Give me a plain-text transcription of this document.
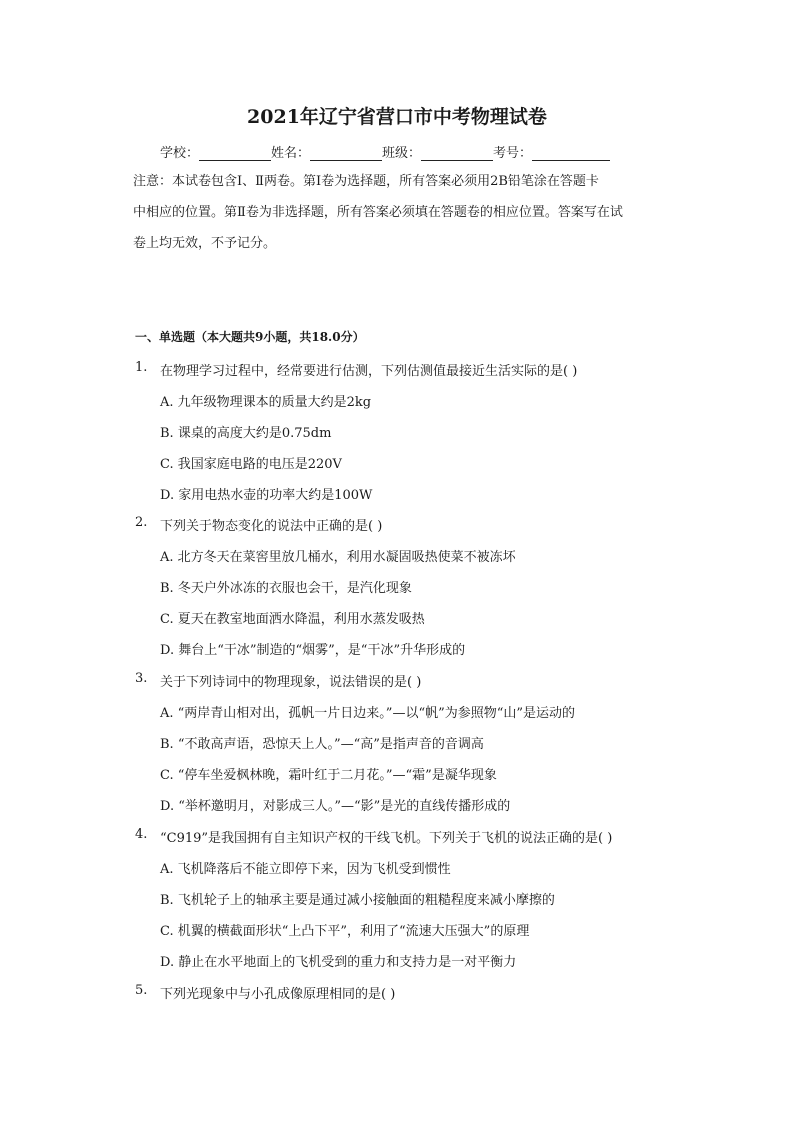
2021年辽宁省营口市中考物理试卷
学校：	姓名：	班级：	考号：
注意：本试卷包含Ⅰ、Ⅱ两卷。第Ⅰ卷为选择题，所有答案必须用2B铅笔涂在答题卡
中相应的位置。第Ⅱ卷为非选择题，所有答案必须填在答题卷的相应位置。答案写在试
卷上均无效，不予记分。
一、单选题（本大题共9小题，共18.0分）
1. 在物理学习过程中，经常要进行估测，下列估测值最接近生活实际的是( )
A. 九年级物理课本的质量大约是2kg
B. 课桌的高度大约是0.75dm
C. 我国家庭电路的电压是220V
D. 家用电热水壶的功率大约是100W
2. 下列关于物态变化的说法中正确的是( )
A. 北方冬天在菜窖里放几桶水，利用水凝固吸热使菜不被冻坏
B. 冬天户外冰冻的衣服也会干，是汽化现象
C. 夏天在教室地面洒水降温，利用水蒸发吸热
D. 舞台上“干冰”制造的“烟雾”，是“干冰”升华形成的
3. 关于下列诗词中的物理现象，说法错误的是( )
A. “两岸青山相对出，孤帆一片日边来。”—以“帆”为参照物“山”是运动的
B. “不敢高声语，恐惊天上人。”—“高”是指声音的音调高
C. “停车坐爱枫林晚，霜叶红于二月花。”—“霜”是凝华现象
D. “举杯邀明月，对影成三人。”—“影”是光的直线传播形成的
4. “C919”是我国拥有自主知识产权的干线飞机。下列关于飞机的说法正确的是( )
A. 飞机降落后不能立即停下来，因为飞机受到惯性
B. 飞机轮子上的轴承主要是通过减小接触面的粗糙程度来减小摩擦的
C. 机翼的横截面形状“上凸下平”，利用了“流速大压强大”的原理
D. 静止在水平地面上的飞机受到的重力和支持力是一对平衡力
5. 下列光现象中与小孔成像原理相同的是( )
